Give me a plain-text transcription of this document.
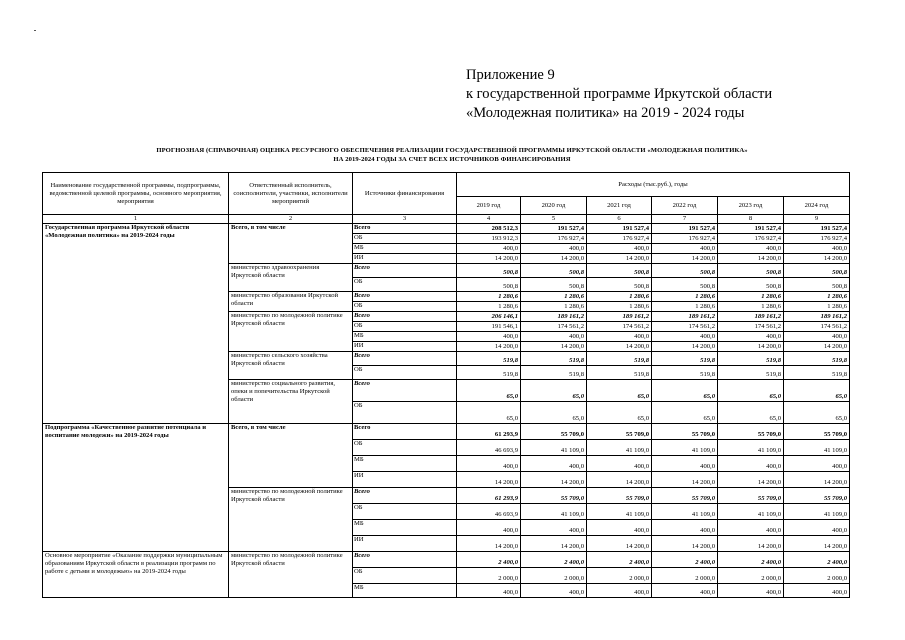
Приложение 9
к государственной программе Иркутской области
«Молодежная политика» на 2019 - 2024 годы
ПРОГНОЗНАЯ (СПРАВОЧНАЯ) ОЦЕНКА РЕСУРСНОГО ОБЕСПЕЧЕНИЯ РЕАЛИЗАЦИИ ГОСУДАРСТВЕННОЙ ПРОГРАММЫ ИРКУТСКОЙ ОБЛАСТИ «МОЛОДЕЖНАЯ ПОЛИТИКА»
НА 2019-2024 ГОДЫ ЗА СЧЕТ ВСЕХ ИСТОЧНИКОВ ФИНАНСИРОВАНИЯ
Наименование государственной программы, подпрограммы, ведомственной целевой программы, основного мероприятия, мероприятия	Ответственный исполнитель, соисполнители, участники, исполнители мероприятий	Источники финансирования	Расходы (тыс.руб.), годы					
			2019 год	2020 год	2021 год	2022 год	2023 год	2024 год
1	2	3	4	5	6	7	8	9
Государственная программа Иркутской области «Молодежная политика» на 2019-2024 годы	Всего, в том числе	Всего	208 512,3	191 527,4	191 527,4	191 527,4	191 527,4	191 527,4
		ОБ	193 912,3	176 927,4	176 927,4	176 927,4	176 927,4	176 927,4
		МБ	400,0	400,0	400,0	400,0	400,0	400,0
		ИИ	14 200,0	14 200,0	14 200,0	14 200,0	14 200,0	14 200,0
	министерство здравоохранения Иркутской области	Всего	500,8	500,8	500,8	500,8	500,8	500,8
		ОБ	500,8	500,8	500,8	500,8	500,8	500,8
	министерство образования Иркутской области	Всего	1 280,6	1 280,6	1 280,6	1 280,6	1 280,6	1 280,6
		ОБ	1 280,6	1 280,6	1 280,6	1 280,6	1 280,6	1 280,6
	министерство по молодежной политике Иркутской области	Всего	206 146,1	189 161,2	189 161,2	189 161,2	189 161,2	189 161,2
		ОБ	191 546,1	174 561,2	174 561,2	174 561,2	174 561,2	174 561,2
		МБ	400,0	400,0	400,0	400,0	400,0	400,0
		ИИ	14 200,0	14 200,0	14 200,0	14 200,0	14 200,0	14 200,0
	министерство сельского хозяйства Иркутской области	Всего	519,8	519,8	519,8	519,8	519,8	519,8
		ОБ	519,8	519,8	519,8	519,8	519,8	519,8
	министерство социального развития, опеки и попечительства Иркутской области	Всего	65,0	65,0	65,0	65,0	65,0	65,0
		ОБ	65,0	65,0	65,0	65,0	65,0	65,0
Подпрограмма «Качественное развитие потенциала и воспитание молодежи» на 2019-2024 годы	Всего, в том числе	Всего	61 293,9	55 709,0	55 709,0	55 709,0	55 709,0	55 709,0
		ОБ	46 693,9	41 109,0	41 109,0	41 109,0	41 109,0	41 109,0
		МБ	400,0	400,0	400,0	400,0	400,0	400,0
		ИИ	14 200,0	14 200,0	14 200,0	14 200,0	14 200,0	14 200,0
	министерство по молодежной политике Иркутской области	Всего	61 293,9	55 709,0	55 709,0	55 709,0	55 709,0	55 709,0
		ОБ	46 693,9	41 109,0	41 109,0	41 109,0	41 109,0	41 109,0
		МБ	400,0	400,0	400,0	400,0	400,0	400,0
		ИИ	14 200,0	14 200,0	14 200,0	14 200,0	14 200,0	14 200,0
Основное мероприятие «Оказание поддержки муниципальным образованиям Иркутской области в реализации программ по работе с детьми и молодежью» на 2019-2024 годы	министерство по молодежной политике Иркутской области	Всего	2 400,0	2 400,0	2 400,0	2 400,0	2 400,0	2 400,0
		ОБ	2 000,0	2 000,0	2 000,0	2 000,0	2 000,0	2 000,0
		МБ	400,0	400,0	400,0	400,0	400,0	400,0
